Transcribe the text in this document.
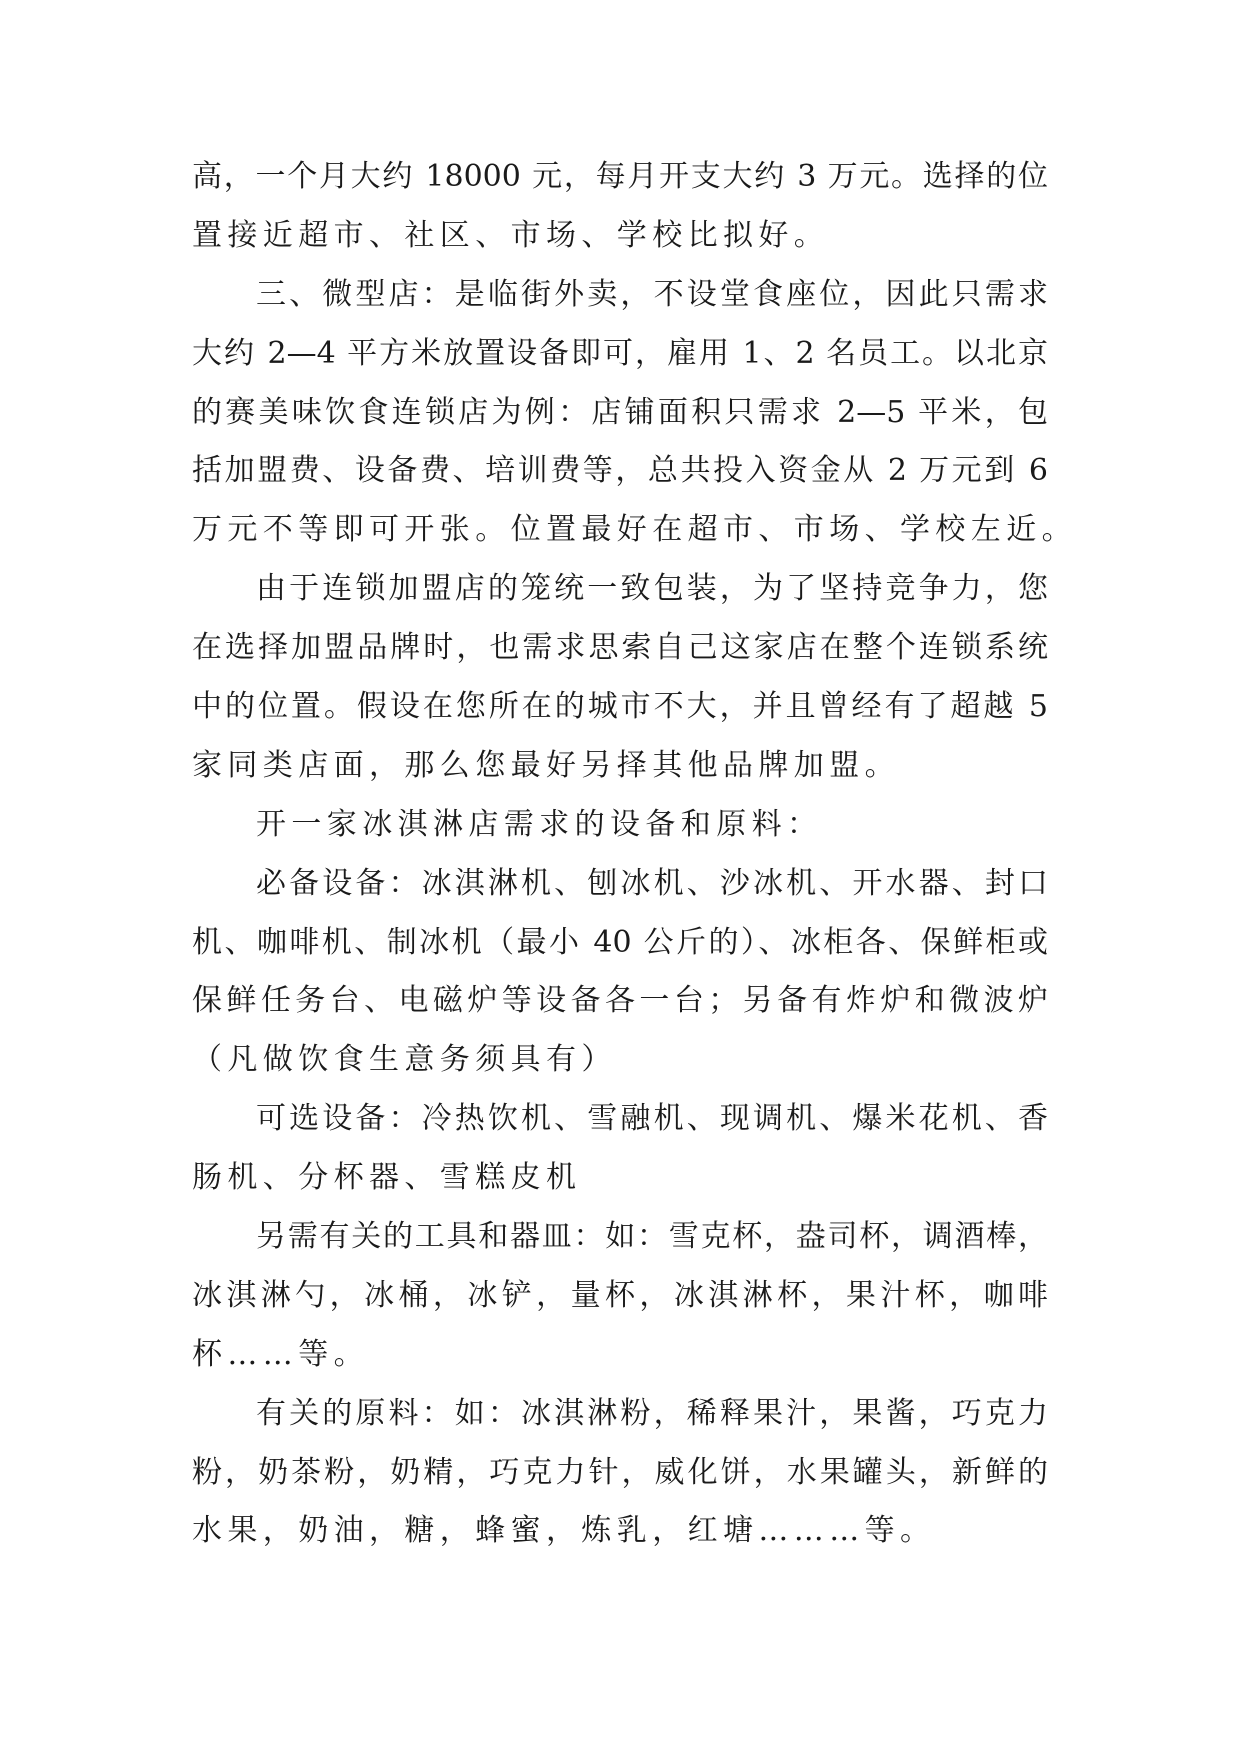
高，一个月大约 18000 元，每月开支大约 3 万元。选择的位
置接近超市、社区、市场、学校比拟好。
三、微型店：是临街外卖，不设堂食座位，因此只需求
大约 2—4 平方米放置设备即可，雇用 1、2 名员工。以北京
的赛美味饮食连锁店为例：店铺面积只需求 2—5 平米，包
括加盟费、设备费、培训费等，总共投入资金从 2 万元到 6
万元不等即可开张。位置最好在超市、市场、学校左近。
由于连锁加盟店的笼统一致包装，为了坚持竞争力，您
在选择加盟品牌时，也需求思索自己这家店在整个连锁系统
中的位置。假设在您所在的城市不大，并且曾经有了超越 5
家同类店面，那么您最好另择其他品牌加盟。
开一家冰淇淋店需求的设备和原料：
必备设备：冰淇淋机、刨冰机、沙冰机、开水器、封口
机、咖啡机、制冰机（最小 40 公斤的）、冰柜各、保鲜柜或
保鲜任务台、电磁炉等设备各一台；另备有炸炉和微波炉
（凡做饮食生意务须具有）
可选设备：冷热饮机、雪融机、现调机、爆米花机、香
肠机、分杯器、雪糕皮机
另需有关的工具和器皿：如：雪克杯，盎司杯，调酒棒，
冰淇淋勺，冰桶，冰铲，量杯，冰淇淋杯，果汁杯，咖啡
杯……等。
有关的原料：如：冰淇淋粉，稀释果汁，果酱，巧克力
粉，奶茶粉，奶精，巧克力针，威化饼，水果罐头，新鲜的
水果，奶油，糖，蜂蜜，炼乳，红塘………等。
